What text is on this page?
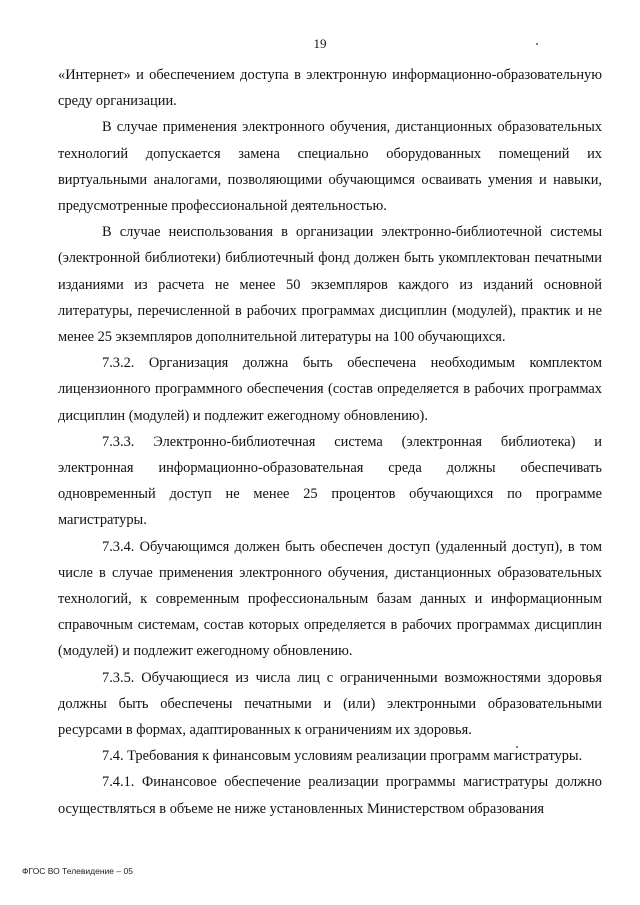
19

«Интернет» и обеспечением доступа в электронную информационно-образовательную среду организации.

В случае применения электронного обучения, дистанционных образовательных технологий допускается замена специально оборудованных помещений их виртуальными аналогами, позволяющими обучающимся осваивать умения и навыки, предусмотренные профессиональной деятельностью.

В случае неиспользования в организации электронно-библиотечной системы (электронной библиотеки) библиотечный фонд должен быть укомплектован печатными изданиями из расчета не менее 50 экземпляров каждого из изданий основной литературы, перечисленной в рабочих программах дисциплин (модулей), практик и не менее 25 экземпляров дополнительной литературы на 100 обучающихся.

7.3.2. Организация должна быть обеспечена необходимым комплектом лицензионного программного обеспечения (состав определяется в рабочих программах дисциплин (модулей) и подлежит ежегодному обновлению).

7.3.3. Электронно-библиотечная система (электронная библиотека) и электронная информационно-образовательная среда должны обеспечивать одновременный доступ не менее 25 процентов обучающихся по программе магистратуры.

7.3.4. Обучающимся должен быть обеспечен доступ (удаленный доступ), в том числе в случае применения электронного обучения, дистанционных образовательных технологий, к современным профессиональным базам данных и информационным справочным системам, состав которых определяется в рабочих программах дисциплин (модулей) и подлежит ежегодному обновлению.

7.3.5. Обучающиеся из числа лиц с ограниченными возможностями здоровья должны быть обеспечены печатными и (или) электронными образовательными ресурсами в формах, адаптированных к ограничениям их здоровья.

7.4. Требования к финансовым условиям реализации программ магистратуры.

7.4.1. Финансовое обеспечение реализации программы магистратуры должно осуществляться в объеме не ниже установленных Министерством образования

ФГОС ВО Телевидение – 05
